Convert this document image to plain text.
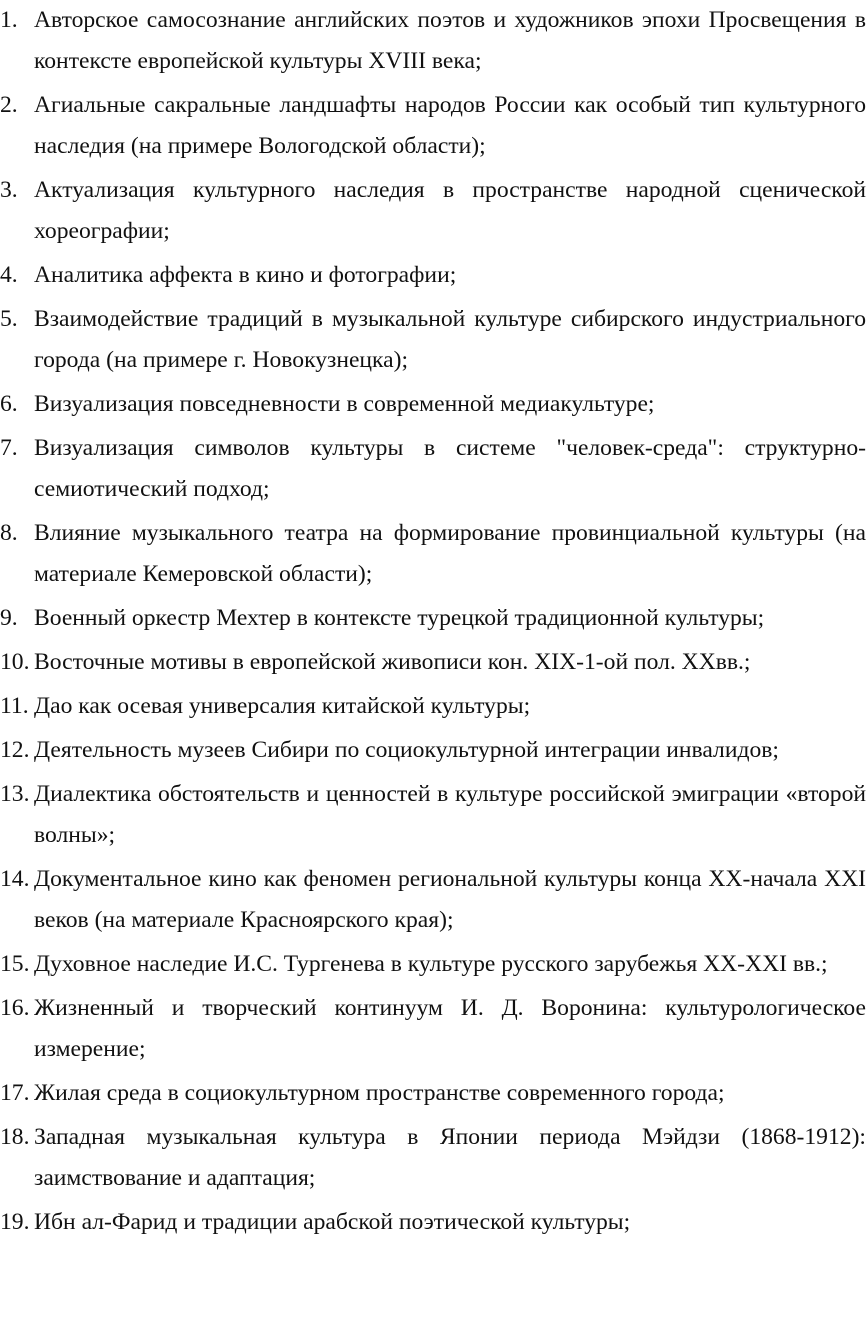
1. Авторское самосознание английских поэтов и художников эпохи Просвещения в контексте европейской культуры XVIII века;
2. Агиальные сакральные ландшафты народов России как особый тип культурного наследия (на примере Вологодской области);
3. Актуализация культурного наследия в пространстве народной сценической хореографии;
4. Аналитика аффекта в кино и фотографии;
5. Взаимодействие традиций в музыкальной культуре сибирского индустриального города (на примере г. Новокузнецка);
6. Визуализация повседневности в современной медиакультуре;
7. Визуализация символов культуры в системе "человек-среда": структурно-семиотический подход;
8. Влияние музыкального театра на формирование провинциальной культуры (на материале Кемеровской области);
9. Военный оркестр Мехтер в контексте турецкой традиционной культуры;
10. Восточные мотивы в европейской живописи кон. XIX-1-ой пол. XXвв.;
11. Дао как осевая универсалия китайской культуры;
12. Деятельность музеев Сибири по социокультурной интеграции инвалидов;
13. Диалектика обстоятельств и ценностей в культуре российской эмиграции «второй волны»;
14. Документальное кино как феномен региональной культуры конца XX-начала XXI веков (на материале Красноярского края);
15. Духовное наследие И.С. Тургенева в культуре русского зарубежья XX-XXI вв.;
16. Жизненный и творческий континуум И. Д. Воронина: культурологическое измерение;
17. Жилая среда в социокультурном пространстве современного города;
18. Западная музыкальная культура в Японии периода Мэйдзи (1868-1912): заимствование и адаптация;
19. Ибн ал-Фарид и традиции арабской поэтической культуры;
